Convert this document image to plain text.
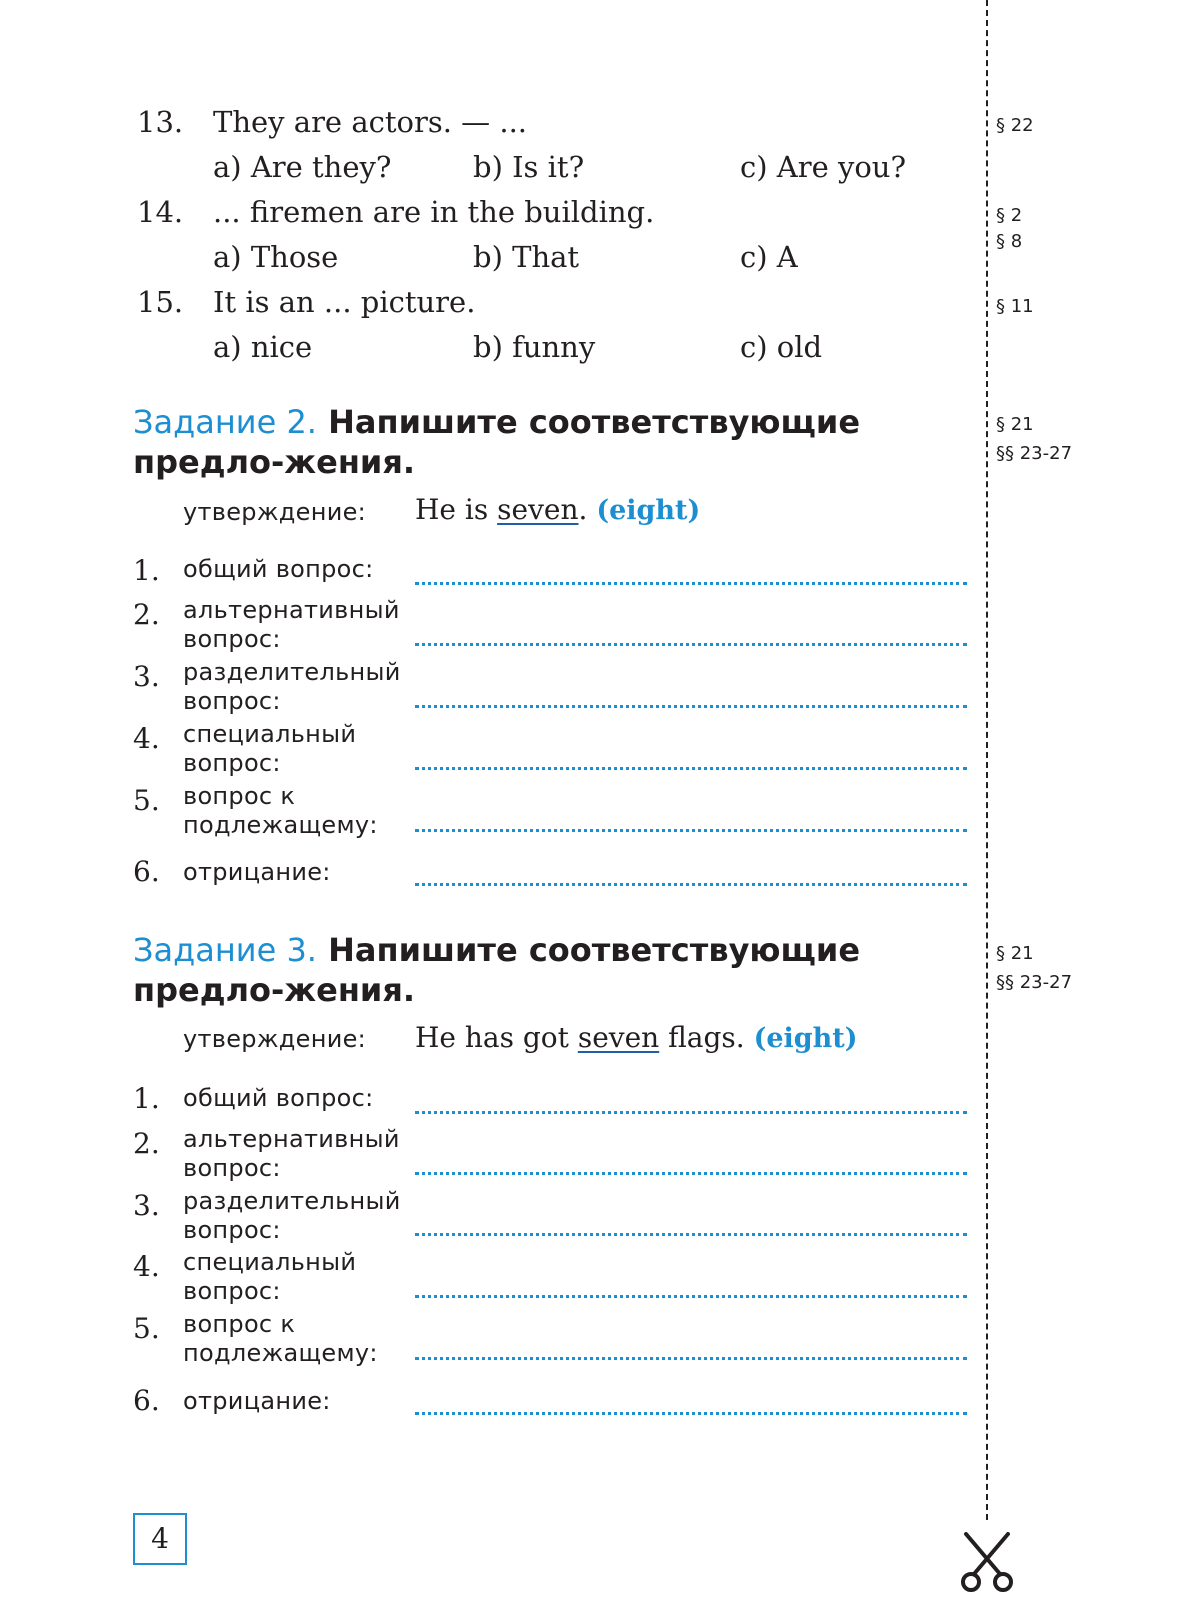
13. They are actors. — ...
a) Are they?	b) Is it?	c) Are you?
14. ... firemen are in the building.
a) Those	b) That	c) A
15. It is an ... picture.
a) nice	b) funny	c) old
Задание 2. Напишите соответствующие предло-жения.
утверждение: He is seven. (eight)
1. общий вопрос:
2. альтернативный вопрос:
3. разделительный вопрос:
4. специальный вопрос:
5. вопрос к подлежащему:
6. отрицание:
Задание 3. Напишите соответствующие предло-жения.
утверждение: He has got seven flags. (eight)
1. общий вопрос:
2. альтернативный вопрос:
3. разделительный вопрос:
4. специальный вопрос:
5. вопрос к подлежащему:
6. отрицание:
§ 22
§ 2
§ 8
§ 11
§ 21
§§ 23-27
§ 21
§§ 23-27
4
